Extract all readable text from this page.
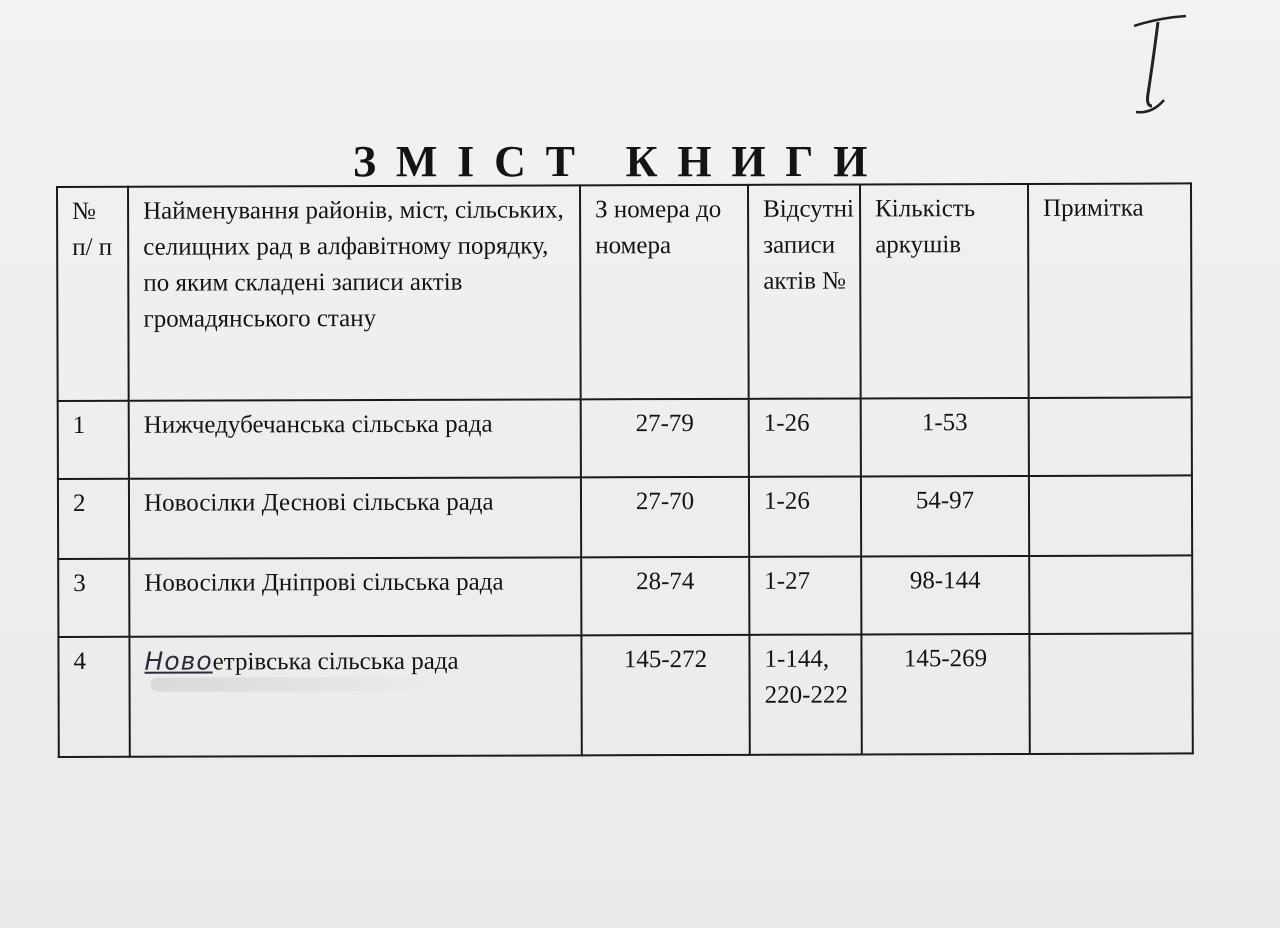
ЗМІСТ КНИГИ
№ п/ п	Найменування районів, міст, сільських, селищних рад в алфавітному порядку, по яким складені записи актів громадянського стану	З номера до номера	Відсутні записи актів №	Кількість аркушів	Примітка
1	Нижчедубечанська сільська рада	27-79	1-26	1-53	
2	Новосілки Деснові сільська рада	27-70	1-26	54-97	
3	Новосілки Дніпрові сільська рада	28-74	1-27	98-144	
4	Новоетрівська сільська рада	145-272	1-144, 220-222	145-269	
